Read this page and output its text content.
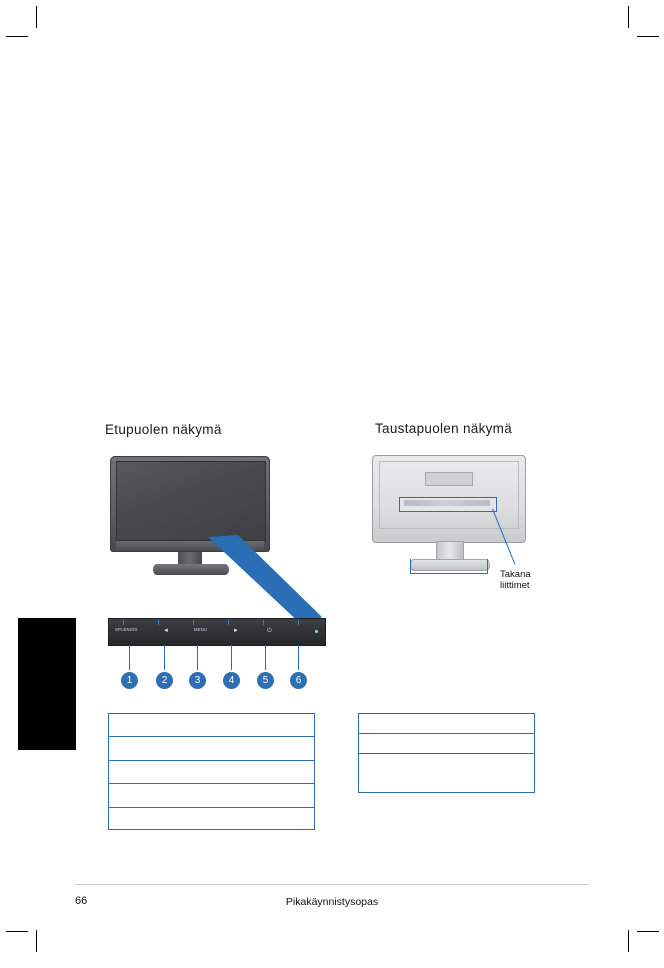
Etupuolen näkymä	Taustapuolen näkymä
SPLENDID	◄	MENU	►	⏻
1	2	3	4	5	6
Takana
liittimet
66	Pikakäynnistysopas
